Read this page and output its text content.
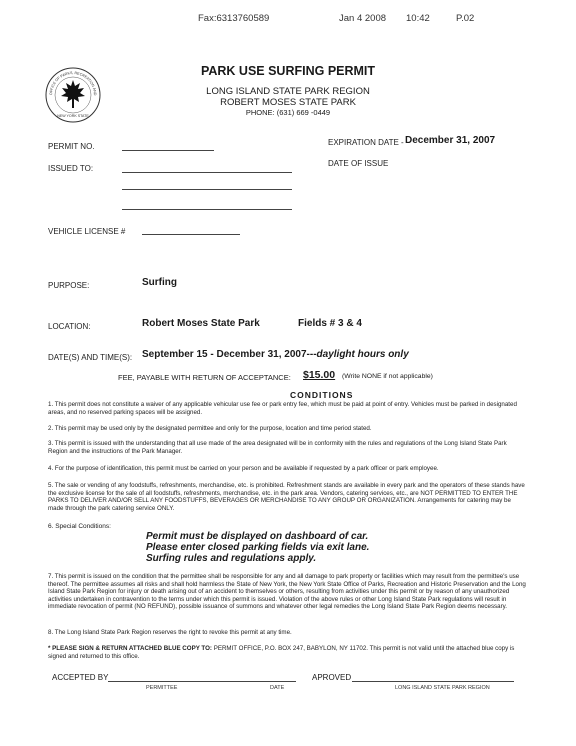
Fax:6313760589	Jan 4 2008 10:42	P.02
OFFICE OF PARKS, RECREATION AND
NEW YORK STATE
PARK USE SURFING PERMIT
LONG ISLAND STATE PARK REGION
ROBERT MOSES STATE PARK
PHONE: (631) 669 -0449
PERMIT NO.	EXPIRATION DATE - December 31, 2007
ISSUED TO:
DATE OF ISSUE
VEHICLE LICENSE #
PURPOSE:	Surfing
LOCATION:	Robert Moses State Park	Fields # 3 & 4
DATE(S) AND TIME(S): September 15 - December 31, 2007---daylight hours only
FEE, PAYABLE WITH RETURN OF ACCEPTANCE: $15.00 (Write NONE if not applicable)
CONDITIONS
1. This permit does not constitute a waiver of any applicable vehicular use fee or park entry fee, which must be paid at point of entry. Vehicles must be parked in designated areas, and no reserved parking spaces will be assigned.
2. This permit may be used only by the designated permittee and only for the purpose, location and time period stated.
3. This permit is issued with the understanding that all use made of the area designated will be in conformity with the rules and regulations of the Long Island State Park Region and the instructions of the Park Manager.
4. For the purpose of identification, this permit must be carried on your person and be available if requested by a park officer or park employee.
5. The sale or vending of any foodstuffs, refreshments, merchandise, etc. is prohibited. Refreshment stands are available in every park and the operators of these stands have the exclusive license for the sale of all foodstuffs, refreshments, merchandise, etc. in the park area. Vendors, catering services, etc., are NOT PERMITTED TO ENTER THE PARKS TO DELIVER AND/OR SELL ANY FOODSTUFFS, BEVERAGES OR MERCHANDISE TO ANY GROUP OR ORGANIZATION. Arrangements for catering may be made through the park catering service ONLY.
6. Special Conditions:
Permit must be displayed on dashboard of car.
Please enter closed parking fields via exit lane.
Surfing rules and regulations apply.
7. This permit is issued on the condition that the permittee shall be responsible for any and all damage to park property or facilities which may result from the permittee's use thereof. The permittee assumes all risks and shall hold harmless the State of New York, the New York State Office of Parks, Recreation and Historic Preservation and the Long Island State Park Region for injury or death arising out of an accident to themselves or others, resulting from activities under this permit or by reason of any unauthorized activities undertaken in contravention to the terms under which this permit is issued. Violation of the above rules or other Long Island State Park regulations will result in immediate revocation of permit (NO REFUND), possible issuance of summons and whatever other legal remedies the Long Island State Park Region deems necessary.
8. The Long Island State Park Region reserves the right to revoke this permit at any time.
* PLEASE SIGN & RETURN ATTACHED BLUE COPY TO: PERMIT OFFICE, P.O. BOX 247, BABYLON, NY 11702. This permit is not valid until the attached blue copy is signed and returned to this office.
ACCEPTED BY	APROVED
PERMITTEE	DATE	LONG ISLAND STATE PARK REGION
